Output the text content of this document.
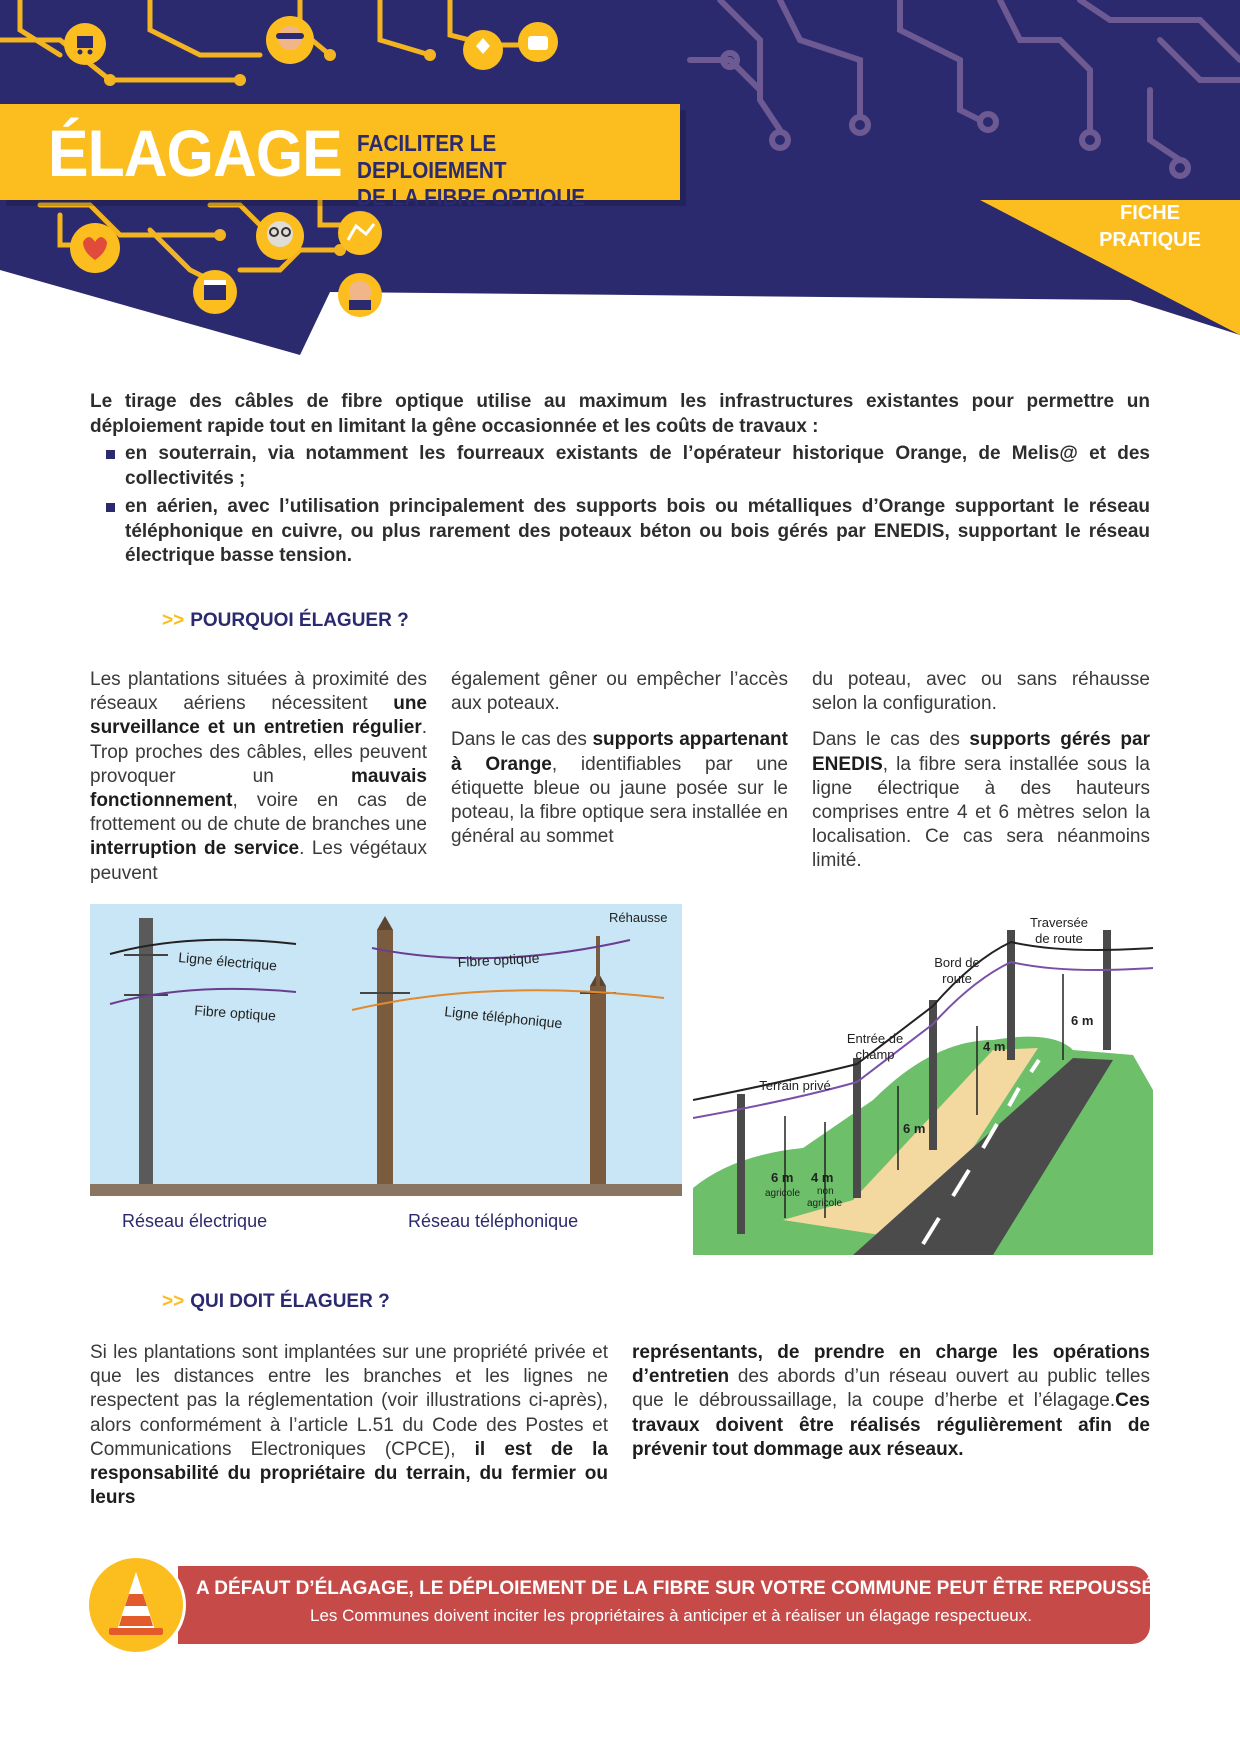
ÉLAGAGE FACILITER LE DEPLOIEMENT
DE LA FIBRE OPTIQUE
FICHE
PRATIQUE

Le tirage des câbles de fibre optique utilise au maximum les infrastructures existantes pour permettre un déploiement rapide tout en limitant la gêne occasionnée et les coûts de travaux :

en souterrain, via notamment les fourreaux existants de l’opérateur historique Orange, de Melis@ et des collectivités ;
en aérien, avec l’utilisation principalement des supports bois ou métalliques d’Orange supportant le réseau téléphonique en cuivre, ou plus rarement des poteaux béton ou bois gérés par ENEDIS, supportant le réseau électrique basse tension.
>> POURQUOI ÉLAGUER ?

Les plantations situées à proximité des réseaux aériens nécessitent une surveillance et un entretien régulier. Trop proches des câbles, elles peuvent provoquer un mauvais fonctionnement, voire en cas de frottement ou de chute de branches une interruption de service. Les végétaux peuvent

également gêner ou empêcher l’accès aux poteaux.

Dans le cas des supports appartenant à Orange, identifiables par une étiquette bleue ou jaune posée sur le poteau, la fibre optique sera installée en général au sommet

du poteau, avec ou sans réhausse selon la configuration.

Dans le cas des supports gérés par ENEDIS, la fibre sera installée sous la ligne électrique à des hauteurs comprises entre 4 et 6 mètres selon la localisation. Ce cas sera néanmoins limité.

Ligne électrique
Fibre optique
Fibre optique
Ligne téléphonique
Réhausse
Réseau électrique	Réseau téléphonique
Traversée
de route
Bord de
route
Entrée de
champ
Terrain privé
6 m
4 m
6 m
6 m
agricole
4 m
non
agricole
>> QUI DOIT ÉLAGUER ?

Si les plantations sont implantées sur une propriété privée et que les distances entre les branches et les lignes ne respectent pas la réglementation (voir illustrations ci-après), alors conformément à l’article L.51 du Code des Postes et Communications Electroniques (CPCE), il est de la responsabilité du propriétaire du terrain, du fermier ou leurs

représentants, de prendre en charge les opérations d’entretien des abords d’un réseau ouvert au public telles que le débroussaillage, la coupe d’herbe et l’élagage.Ces travaux doivent être réalisés régulièrement afin de prévenir tout dommage aux réseaux.

A DÉFAUT D’ÉLAGAGE, LE DÉPLOIEMENT DE LA FIBRE SUR VOTRE COMMUNE PEUT ÊTRE REPOUSSÉ.
Les Communes doivent inciter les propriétaires à anticiper et à réaliser un élagage respectueux.
